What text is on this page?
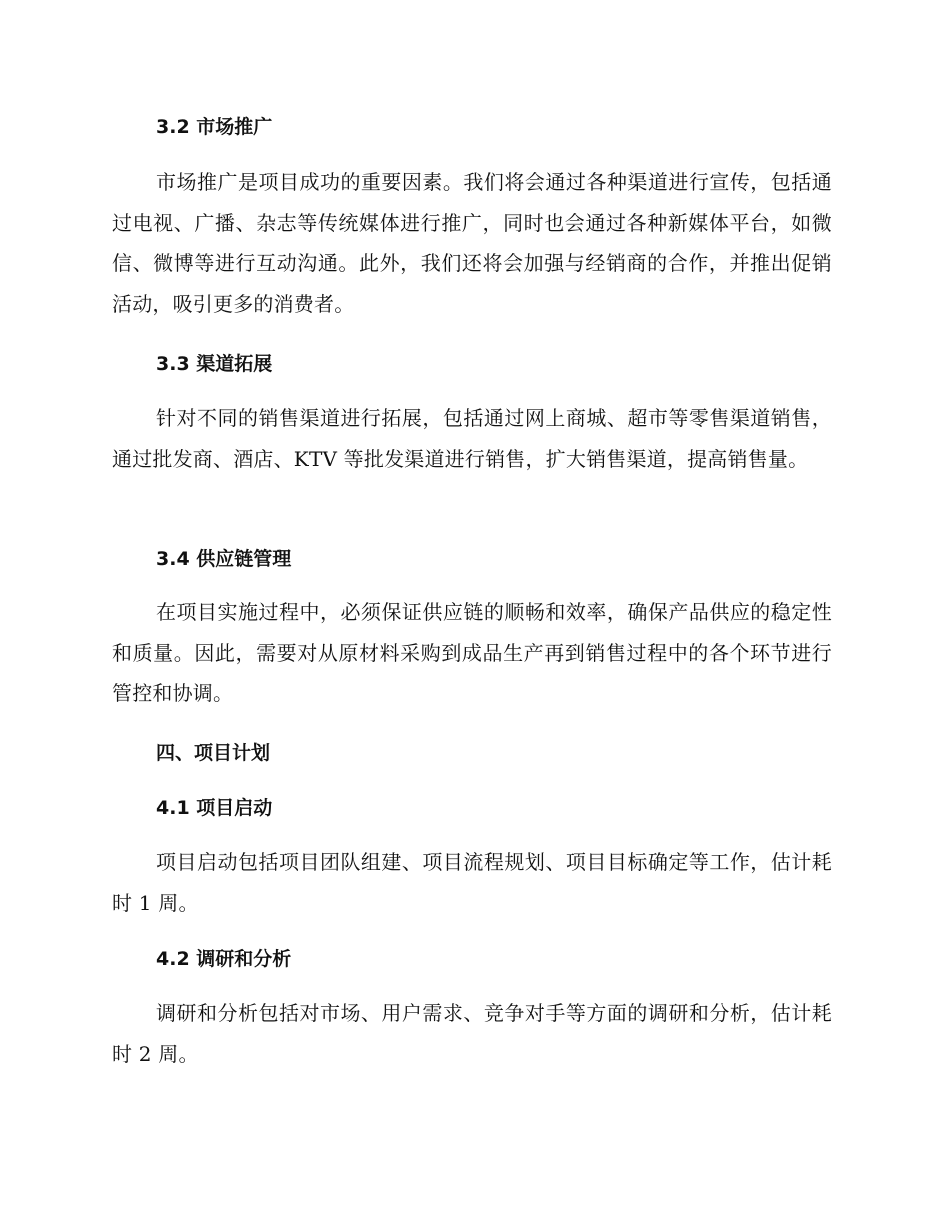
3.2 市场推广

市场推广是项目成功的重要因素。我们将会通过各种渠道进行宣传，包括通过电视、广播、杂志等传统媒体进行推广，同时也会通过各种新媒体平台，如微信、微博等进行互动沟通。此外，我们还将会加强与经销商的合作，并推出促销活动，吸引更多的消费者。

3.3 渠道拓展

针对不同的销售渠道进行拓展，包括通过网上商城、超市等零售渠道销售，通过批发商、酒店、KTV 等批发渠道进行销售，扩大销售渠道，提高销售量。

3.4 供应链管理

在项目实施过程中，必须保证供应链的顺畅和效率，确保产品供应的稳定性和质量。因此，需要对从原材料采购到成品生产再到销售过程中的各个环节进行管控和协调。

四、项目计划
4.1 项目启动

项目启动包括项目团队组建、项目流程规划、项目目标确定等工作，估计耗时 1 周。

4.2 调研和分析

调研和分析包括对市场、用户需求、竞争对手等方面的调研和分析，估计耗时 2 周。
